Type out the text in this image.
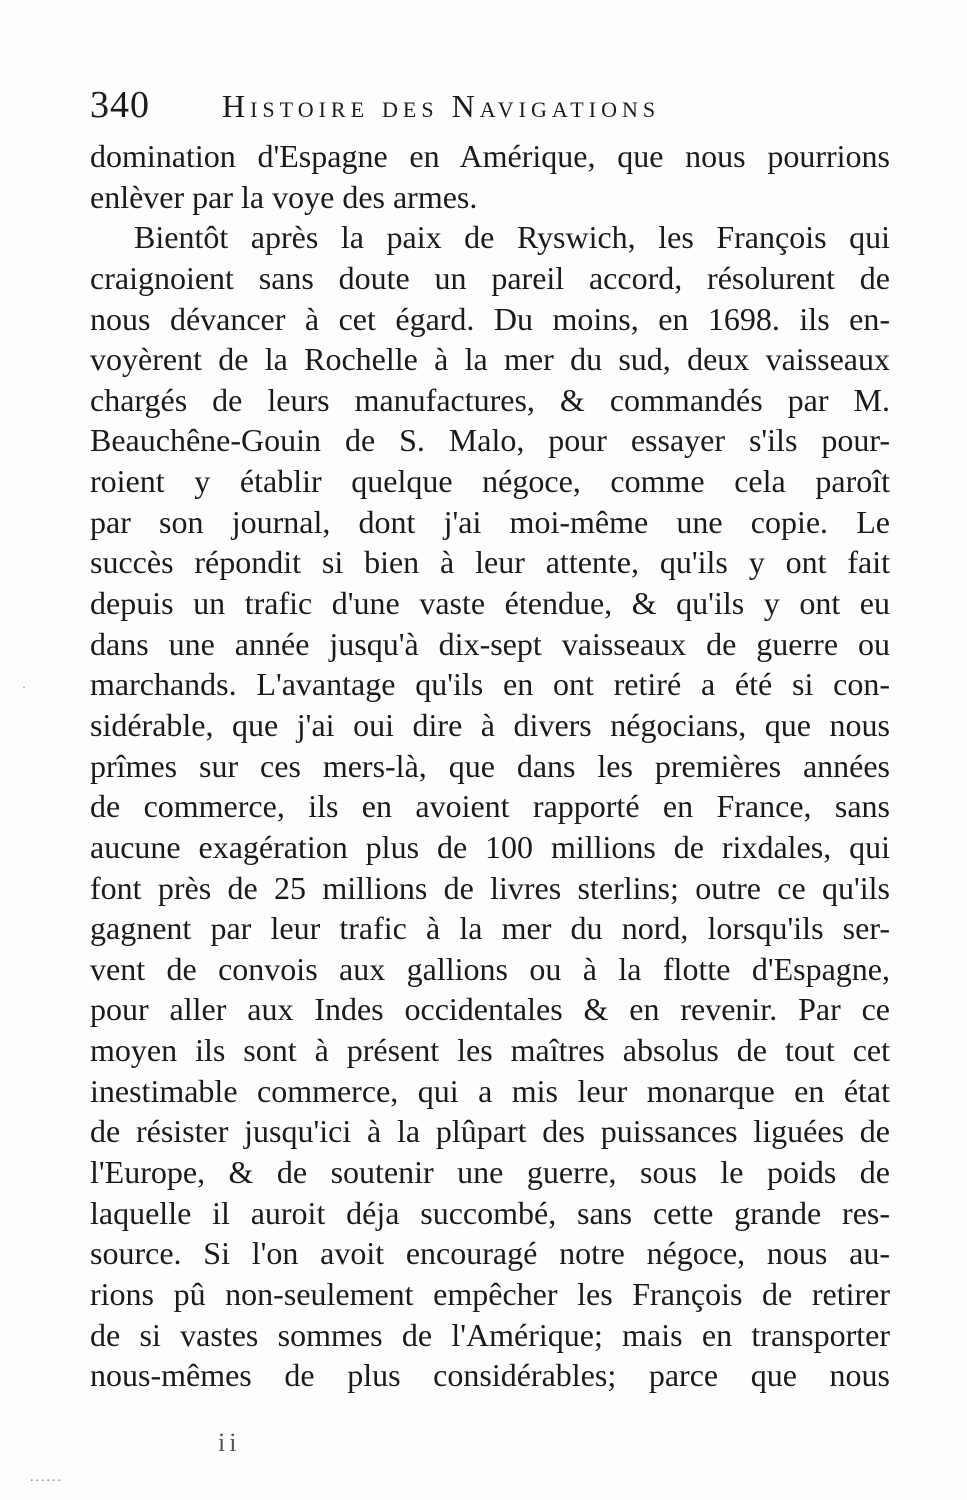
340 Histoire des Navigations
domination d'Espagne en Amérique, que nous pourrions
enlèver par la voye des armes.
Bientôt après la paix de Ryswich, les François qui
craignoient sans doute un pareil accord, résolurent de
nous dévancer à cet égard. Du moins, en 1698. ils en-
voyèrent de la Rochelle à la mer du sud, deux vaisseaux
chargés de leurs manufactures, & commandés par M.
Beauchêne-Gouin de S. Malo, pour essayer s'ils pour-
roient y établir quelque négoce, comme cela paroît
par son journal, dont j'ai moi-même une copie. Le
succès répondit si bien à leur attente, qu'ils y ont fait
depuis un trafic d'une vaste étendue, & qu'ils y ont eu
dans une année jusqu'à dix-sept vaisseaux de guerre ou
marchands. L'avantage qu'ils en ont retiré a été si con-
sidérable, que j'ai oui dire à divers négocians, que nous
prîmes sur ces mers-là, que dans les premières années
de commerce, ils en avoient rapporté en France, sans
aucune exagération plus de 100 millions de rixdales, qui
font près de 25 millions de livres sterlins; outre ce qu'ils
gagnent par leur trafic à la mer du nord, lorsqu'ils ser-
vent de convois aux gallions ou à la flotte d'Espagne,
pour aller aux Indes occidentales & en revenir. Par ce
moyen ils sont à présent les maîtres absolus de tout cet
inestimable commerce, qui a mis leur monarque en état
de résister jusqu'ici à la plûpart des puissances liguées de
l'Europe, & de soutenir une guerre, sous le poids de
laquelle il auroit déja succombé, sans cette grande res-
source. Si l'on avoit encouragé notre négoce, nous au-
rions pû non-seulement empêcher les François de retirer
de si vastes sommes de l'Amérique; mais en transporter
nous-mêmes de plus considérables; parce que nous
ii
......
·
